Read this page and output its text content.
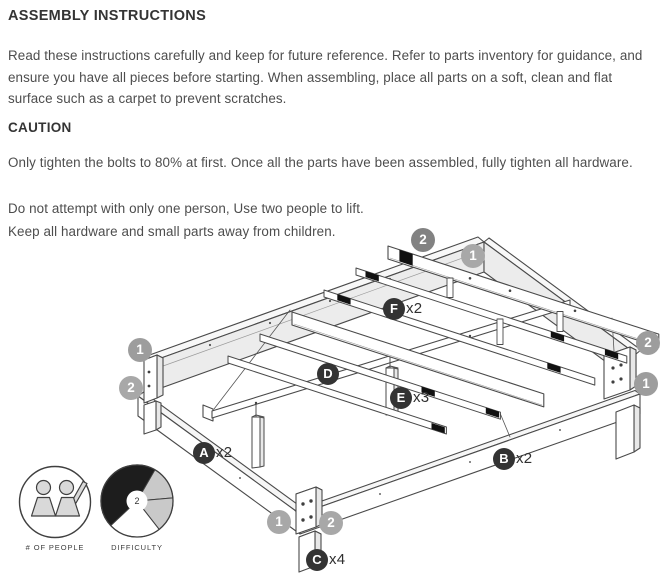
ASSEMBLY INSTRUCTIONS
Read these instructions carefully and keep for future reference. Refer to parts inventory for guidance, and ensure you have all pieces before starting. When assembling, place all parts on a soft, clean and flat surface such as a carpet to prevent scratches.
CAUTION
Only tighten the bolts to 80% at first. Once all the parts have been assembled, fully tighten all hardware.
Do not attempt with only one person, Use two people to lift.
Keep all hardware and small parts away from children.
2
1
1
2
2
1
1	2
A x2	B x2
C x4
D
E x3
F x2
2
# OF PEOPLE	DIFFICULTY
